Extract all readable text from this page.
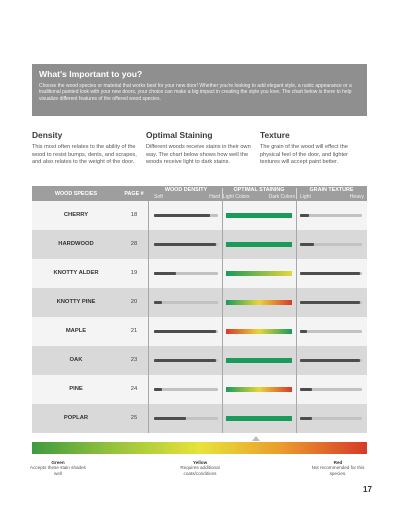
What's Important to you?

Choose the wood species or material that works best for your new door! Whether you're looking to add elegant style, a rustic appearance or a traditional painted look with your new doors, your choice can make a big impact in creating the style you love. The chart below is there to help visualize different features of the offered wood species.

Density

This most often relates to the ability of the wood to resist bumps, dents, and scrapes, and also relates to the weight of the door.

Optimal Staining

Different woods receive stains in their own way. The chart below shows how well the woods receive light to dark stains.

Texture

The grain of the wood will effect the physical feel of the door, and lighter textures will accept paint better.

WOOD SPECIES	PAGE #
WOOD DENSITY
Soft	Hard
OPTIMAL STAINING
Light Colors	Dark Colors
GRAIN TEXTURE
Light	Heavy
CHERRY	18
HARDWOOD	28
KNOTTY ALDER	19
KNOTTY PINE	20
MAPLE	21
OAK	23
PINE	24
POPLAR	25
Green
Accepts these stain shades well
Yellow
Requires additional coats/conditions
Red
Not recommended for this species.
17
